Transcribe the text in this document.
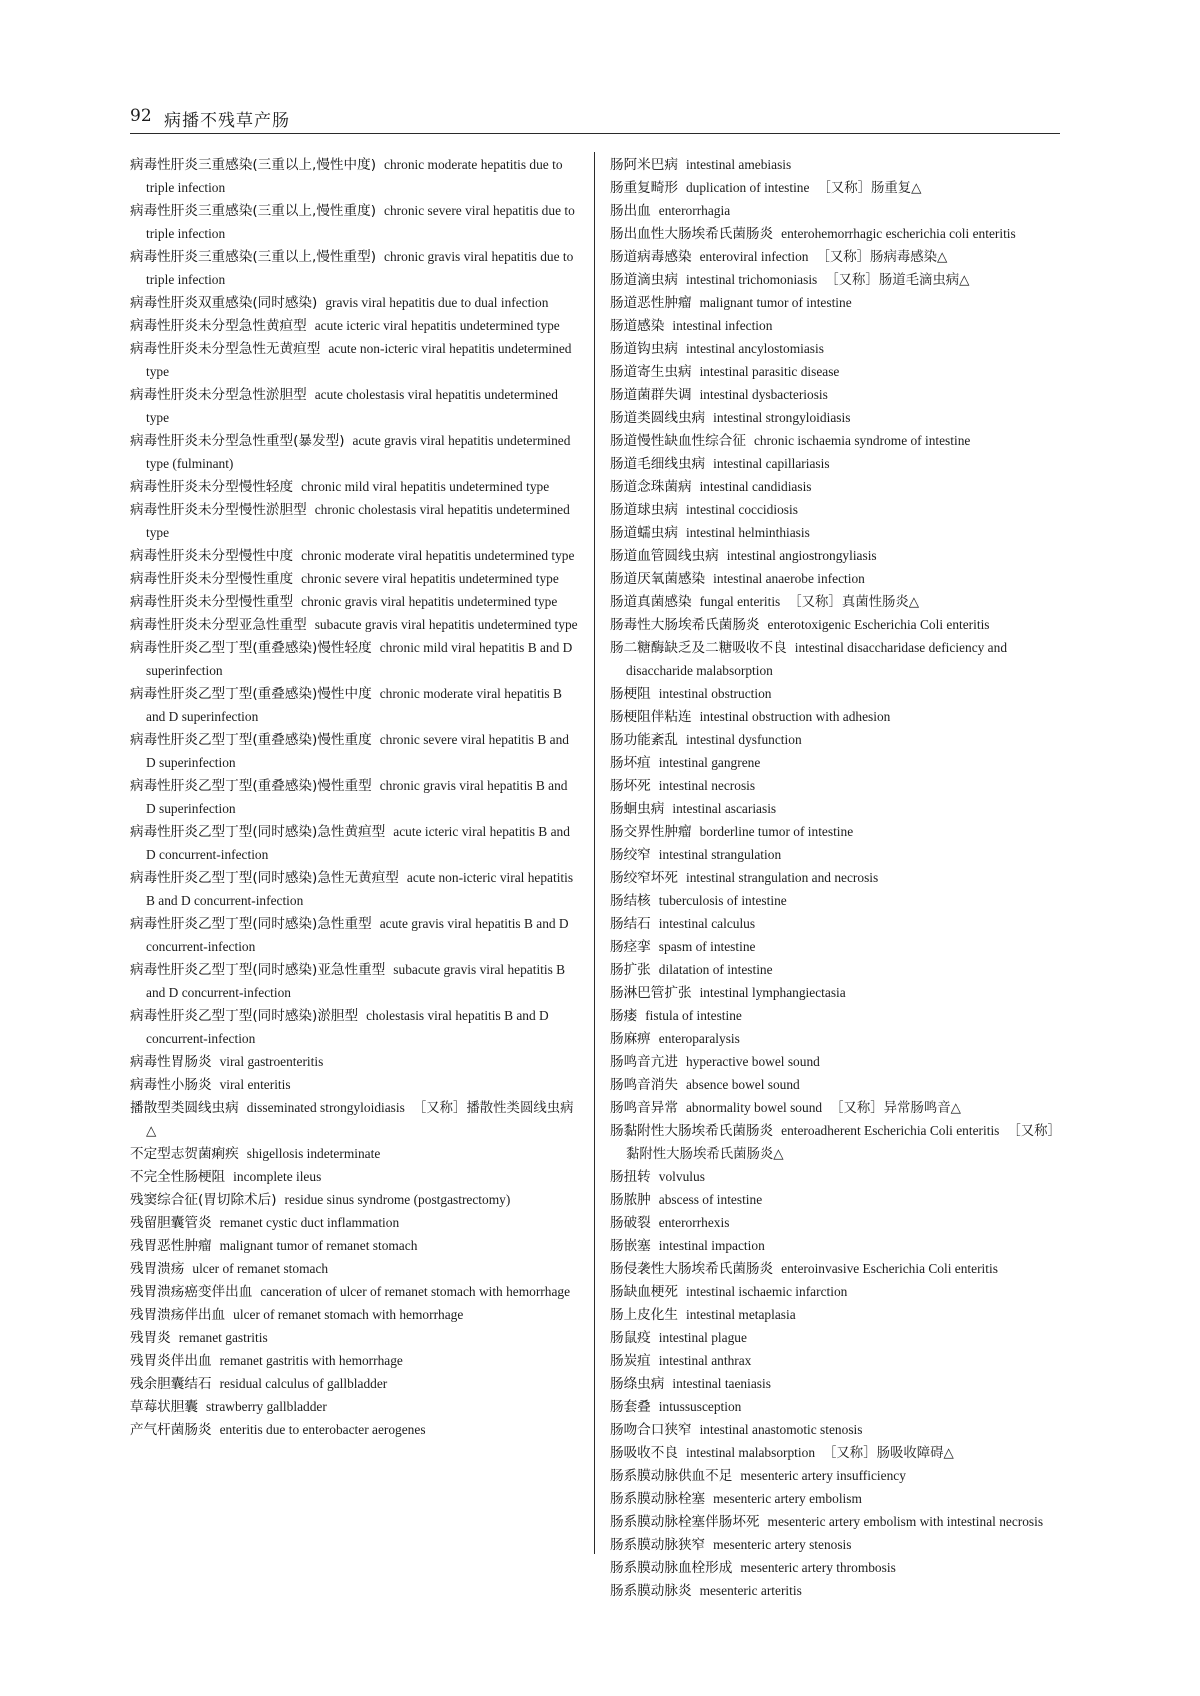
92 病播不残草产肠
病毒性肝炎三重感染(三重以上,慢性中度) chronic moderate hepatitis due to triple infection
病毒性肝炎三重感染(三重以上,慢性重度) chronic severe viral hepatitis due to triple infection
病毒性肝炎三重感染(三重以上,慢性重型) chronic gravis viral hepatitis due to triple infection
病毒性肝炎双重感染(同时感染) gravis viral hepatitis due to dual infection
病毒性肝炎未分型急性黄疸型 acute icteric viral hepatitis undetermined type
病毒性肝炎未分型急性无黄疸型 acute non-icteric viral hepatitis undetermined type
病毒性肝炎未分型急性淤胆型 acute cholestasis viral hepatitis undetermined type
病毒性肝炎未分型急性重型(暴发型) acute gravis viral hepatitis undetermined type (fulminant)
病毒性肝炎未分型慢性轻度 chronic mild viral hepatitis undetermined type
病毒性肝炎未分型慢性淤胆型 chronic cholestasis viral hepatitis undetermined type
病毒性肝炎未分型慢性中度 chronic moderate viral hepatitis undetermined type
病毒性肝炎未分型慢性重度 chronic severe viral hepatitis undetermined type
病毒性肝炎未分型慢性重型 chronic gravis viral hepatitis undetermined type
病毒性肝炎未分型亚急性重型 subacute gravis viral hepatitis undetermined type
病毒性肝炎乙型丁型(重叠感染)慢性轻度 chronic mild viral hepatitis B and D superinfection
病毒性肝炎乙型丁型(重叠感染)慢性中度 chronic moderate viral hepatitis B and D superinfection
病毒性肝炎乙型丁型(重叠感染)慢性重度 chronic severe viral hepatitis B and D superinfection
病毒性肝炎乙型丁型(重叠感染)慢性重型 chronic gravis viral hepatitis B and D superinfection
病毒性肝炎乙型丁型(同时感染)急性黄疸型 acute icteric viral hepatitis B and D concurrent-infection
病毒性肝炎乙型丁型(同时感染)急性无黄疸型 acute non-icteric viral hepatitis B and D concurrent-infection
病毒性肝炎乙型丁型(同时感染)急性重型 acute gravis viral hepatitis B and D concurrent-infection
病毒性肝炎乙型丁型(同时感染)亚急性重型 subacute gravis viral hepatitis B and D concurrent-infection
病毒性肝炎乙型丁型(同时感染)淤胆型 cholestasis viral hepatitis B and D concurrent-infection
病毒性胃肠炎 viral gastroenteritis
病毒性小肠炎 viral enteritis
播散型类圆线虫病 disseminated strongyloidiasis ［又称］播散性类圆线虫病△
不定型志贺菌痢疾 shigellosis indeterminate
不完全性肠梗阻 incomplete ileus
残窦综合征(胃切除术后) residue sinus syndrome (postgastrectomy)
残留胆囊管炎 remanet cystic duct inflammation
残胃恶性肿瘤 malignant tumor of remanet stomach
残胃溃疡 ulcer of remanet stomach
残胃溃疡癌变伴出血 canceration of ulcer of remanet stomach with hemorrhage
残胃溃疡伴出血 ulcer of remanet stomach with hemorrhage
残胃炎 remanet gastritis
残胃炎伴出血 remanet gastritis with hemorrhage
残余胆囊结石 residual calculus of gallbladder
草莓状胆囊 strawberry gallbladder
产气杆菌肠炎 enteritis due to enterobacter aerogenes
肠阿米巴病 intestinal amebiasis
肠重复畸形 duplication of intestine ［又称］肠重复△
肠出血 enterorrhagia
肠出血性大肠埃希氏菌肠炎 enterohemorrhagic escherichia coli enteritis
肠道病毒感染 enteroviral infection ［又称］肠病毒感染△
肠道滴虫病 intestinal trichomoniasis ［又称］肠道毛滴虫病△
肠道恶性肿瘤 malignant tumor of intestine
肠道感染 intestinal infection
肠道钩虫病 intestinal ancylostomiasis
肠道寄生虫病 intestinal parasitic disease
肠道菌群失调 intestinal dysbacteriosis
肠道类圆线虫病 intestinal strongyloidiasis
肠道慢性缺血性综合征 chronic ischaemia syndrome of intestine
肠道毛细线虫病 intestinal capillariasis
肠道念珠菌病 intestinal candidiasis
肠道球虫病 intestinal coccidiosis
肠道蠕虫病 intestinal helminthiasis
肠道血管圆线虫病 intestinal angiostrongyliasis
肠道厌氧菌感染 intestinal anaerobe infection
肠道真菌感染 fungal enteritis ［又称］真菌性肠炎△
肠毒性大肠埃希氏菌肠炎 enterotoxigenic Escherichia Coli enteritis
肠二糖酶缺乏及二糖吸收不良 intestinal disaccharidase deficiency and disaccharide malabsorption
肠梗阻 intestinal obstruction
肠梗阻伴粘连 intestinal obstruction with adhesion
肠功能紊乱 intestinal dysfunction
肠坏疽 intestinal gangrene
肠坏死 intestinal necrosis
肠蛔虫病 intestinal ascariasis
肠交界性肿瘤 borderline tumor of intestine
肠绞窄 intestinal strangulation
肠绞窄坏死 intestinal strangulation and necrosis
肠结核 tuberculosis of intestine
肠结石 intestinal calculus
肠痉挛 spasm of intestine
肠扩张 dilatation of intestine
肠淋巴管扩张 intestinal lymphangiectasia
肠瘘 fistula of intestine
肠麻痹 enteroparalysis
肠鸣音亢进 hyperactive bowel sound
肠鸣音消失 absence bowel sound
肠鸣音异常 abnormality bowel sound ［又称］异常肠鸣音△
肠黏附性大肠埃希氏菌肠炎 enteroadherent Escherichia Coli enteritis ［又称］黏附性大肠埃希氏菌肠炎△
肠扭转 volvulus
肠脓肿 abscess of intestine
肠破裂 enterorrhexis
肠嵌塞 intestinal impaction
肠侵袭性大肠埃希氏菌肠炎 enteroinvasive Escherichia Coli enteritis
肠缺血梗死 intestinal ischaemic infarction
肠上皮化生 intestinal metaplasia
肠鼠疫 intestinal plague
肠炭疽 intestinal anthrax
肠绦虫病 intestinal taeniasis
肠套叠 intussusception
肠吻合口狭窄 intestinal anastomotic stenosis
肠吸收不良 intestinal malabsorption ［又称］肠吸收障碍△
肠系膜动脉供血不足 mesenteric artery insufficiency
肠系膜动脉栓塞 mesenteric artery embolism
肠系膜动脉栓塞伴肠坏死 mesenteric artery embolism with intestinal necrosis
肠系膜动脉狭窄 mesenteric artery stenosis
肠系膜动脉血栓形成 mesenteric artery thrombosis
肠系膜动脉炎 mesenteric arteritis
